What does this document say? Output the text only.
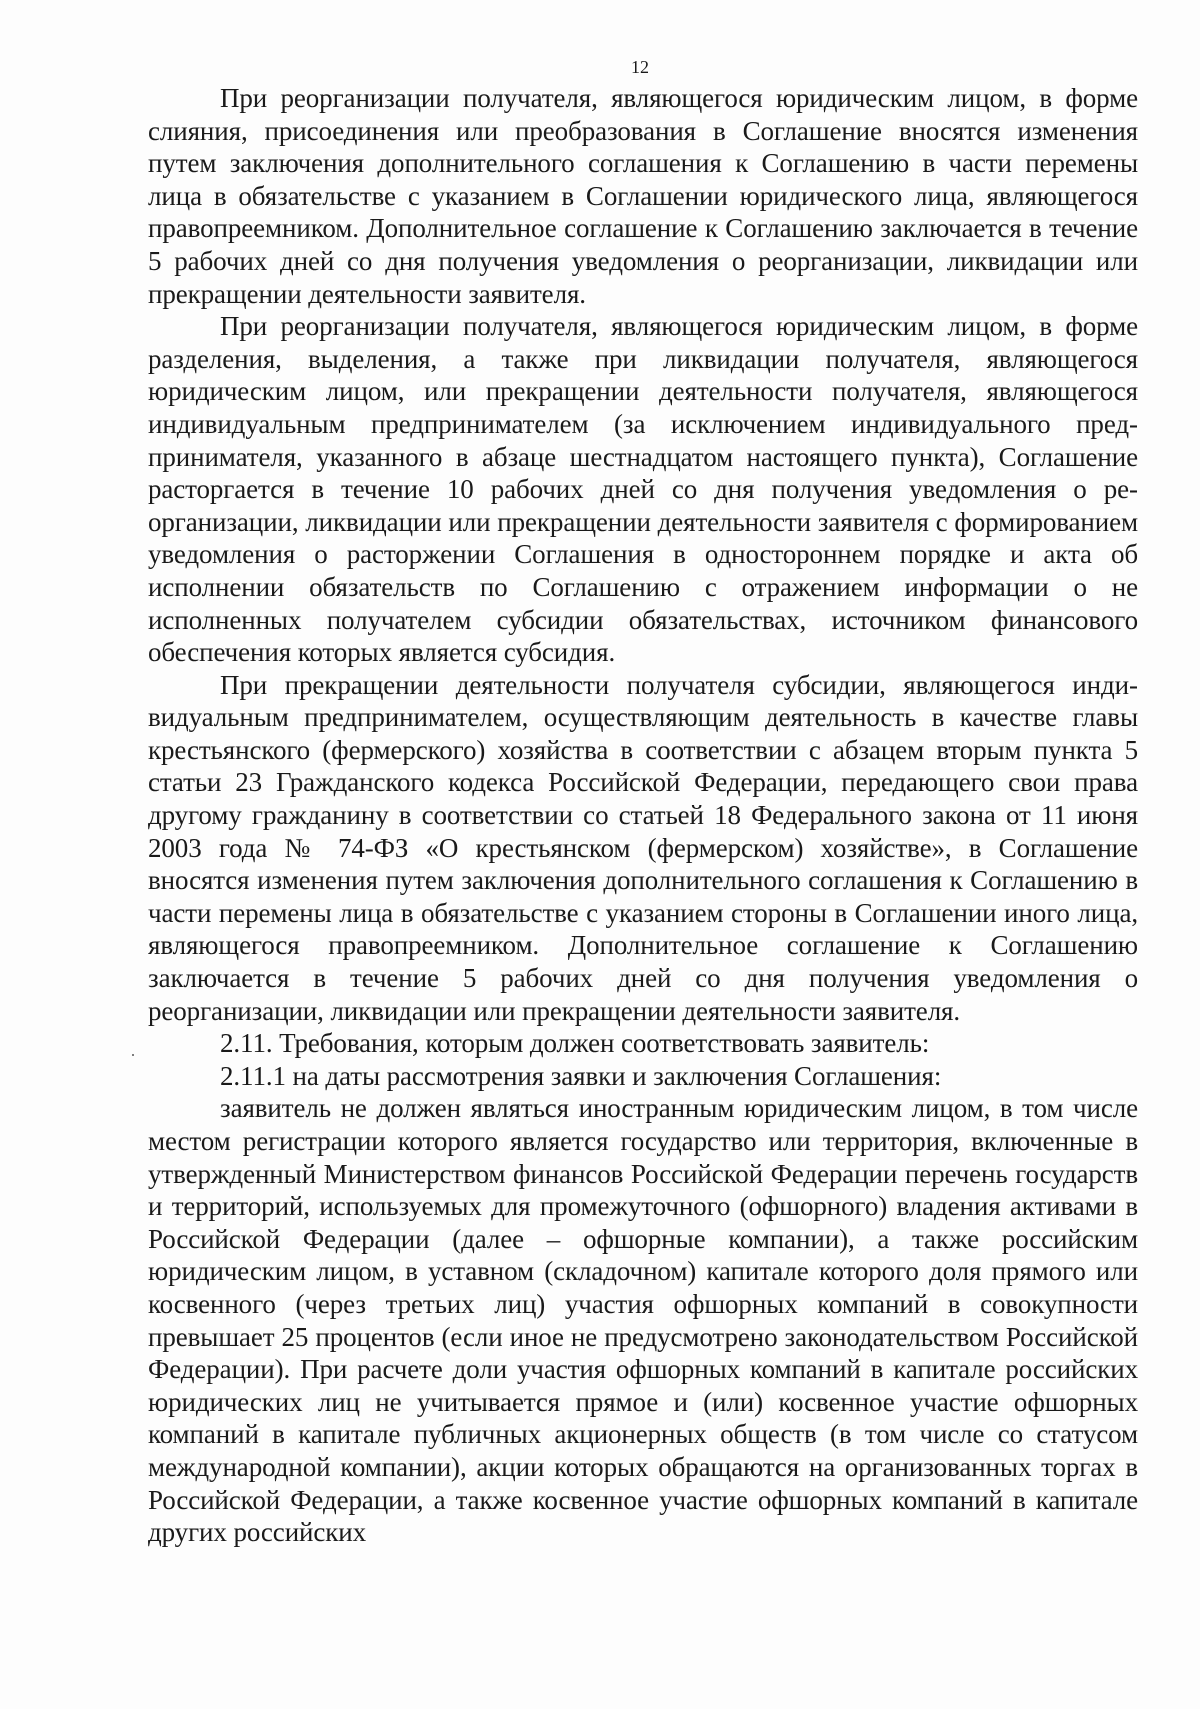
12

При реорганизации получателя, являющегося юридическим лицом, в форме слияния, присоединения или преобразования в Соглашение вносятся изменения путем заключения дополнительного соглашения к Соглашению в части перемены лица в обязательстве с указанием в Соглашении юридического лица, являющегося правопреемником. Дополнительное соглашение к Соглашению заключается в течение 5 рабочих дней со дня получения уведомления о реорганизации, ликвидации или прекращении деятельности заявителя.

При реорганизации получателя, являющегося юридическим лицом, в форме разделения, выделения, а также при ликвидации получателя, являющегося юридическим лицом, или прекращении деятельности получателя, являющегося индивидуальным предпринимателем (за исключением индивидуального предпринимателя, указанного в абзаце шестнадцатом настоящего пункта), Соглашение расторгается в течение 10 рабочих дней со дня получения уведомления о реорганизации, ликвидации или прекращении деятельности заявителя с формированием уведомления о расторжении Соглашения в одностороннем порядке и акта об исполнении обязательств по Соглашению с отражением информации о не исполненных получателем субсидии обязательствах, источником финансового обеспечения которых является субсидия.

При прекращении деятельности получателя субсидии, являющегося индивидуальным предпринимателем, осуществляющим деятельность в качестве главы крестьянского (фермерского) хозяйства в соответствии с абзацем вторым пункта 5 статьи 23 Гражданского кодекса Российской Федерации, передающего свои права другому гражданину в соответствии со статьей 18 Федерального закона от 11 июня 2003 года № 74-ФЗ «О крестьянском (фермерском) хозяйстве», в Соглашение вносятся изменения путем заключения дополнительного соглашения к Соглашению в части перемены лица в обязательстве с указанием стороны в Соглашении иного лица, являющегося правопреемником. Дополнительное соглашение к Соглашению заключается в течение 5 рабочих дней со дня получения уведомления о реорганизации, ликвидации или прекращении деятельности заявителя.

2.11. Требования, которым должен соответствовать заявитель:

2.11.1 на даты рассмотрения заявки и заключения Соглашения:

заявитель не должен являться иностранным юридическим лицом, в том числе местом регистрации которого является государство или территория, включенные в утвержденный Министерством финансов Российской Федерации перечень государств и территорий, используемых для промежуточного (офшорного) владения активами в Российской Федерации (далее – офшорные компании), а также российским юридическим лицом, в уставном (складочном) капитале которого доля прямого или косвенного (через третьих лиц) участия офшорных компаний в совокупности превышает 25 процентов (если иное не предусмотрено законодательством Российской Федерации). При расчете доли участия офшорных компаний в капитале российских юридических лиц не учитывается прямое и (или) косвенное участие офшорных компаний в капитале публичных акционерных обществ (в том числе со статусом международной компании), акции которых обращаются на организованных торгах в Российской Федерации, а также косвенное участие офшорных компаний в капитале других российских
